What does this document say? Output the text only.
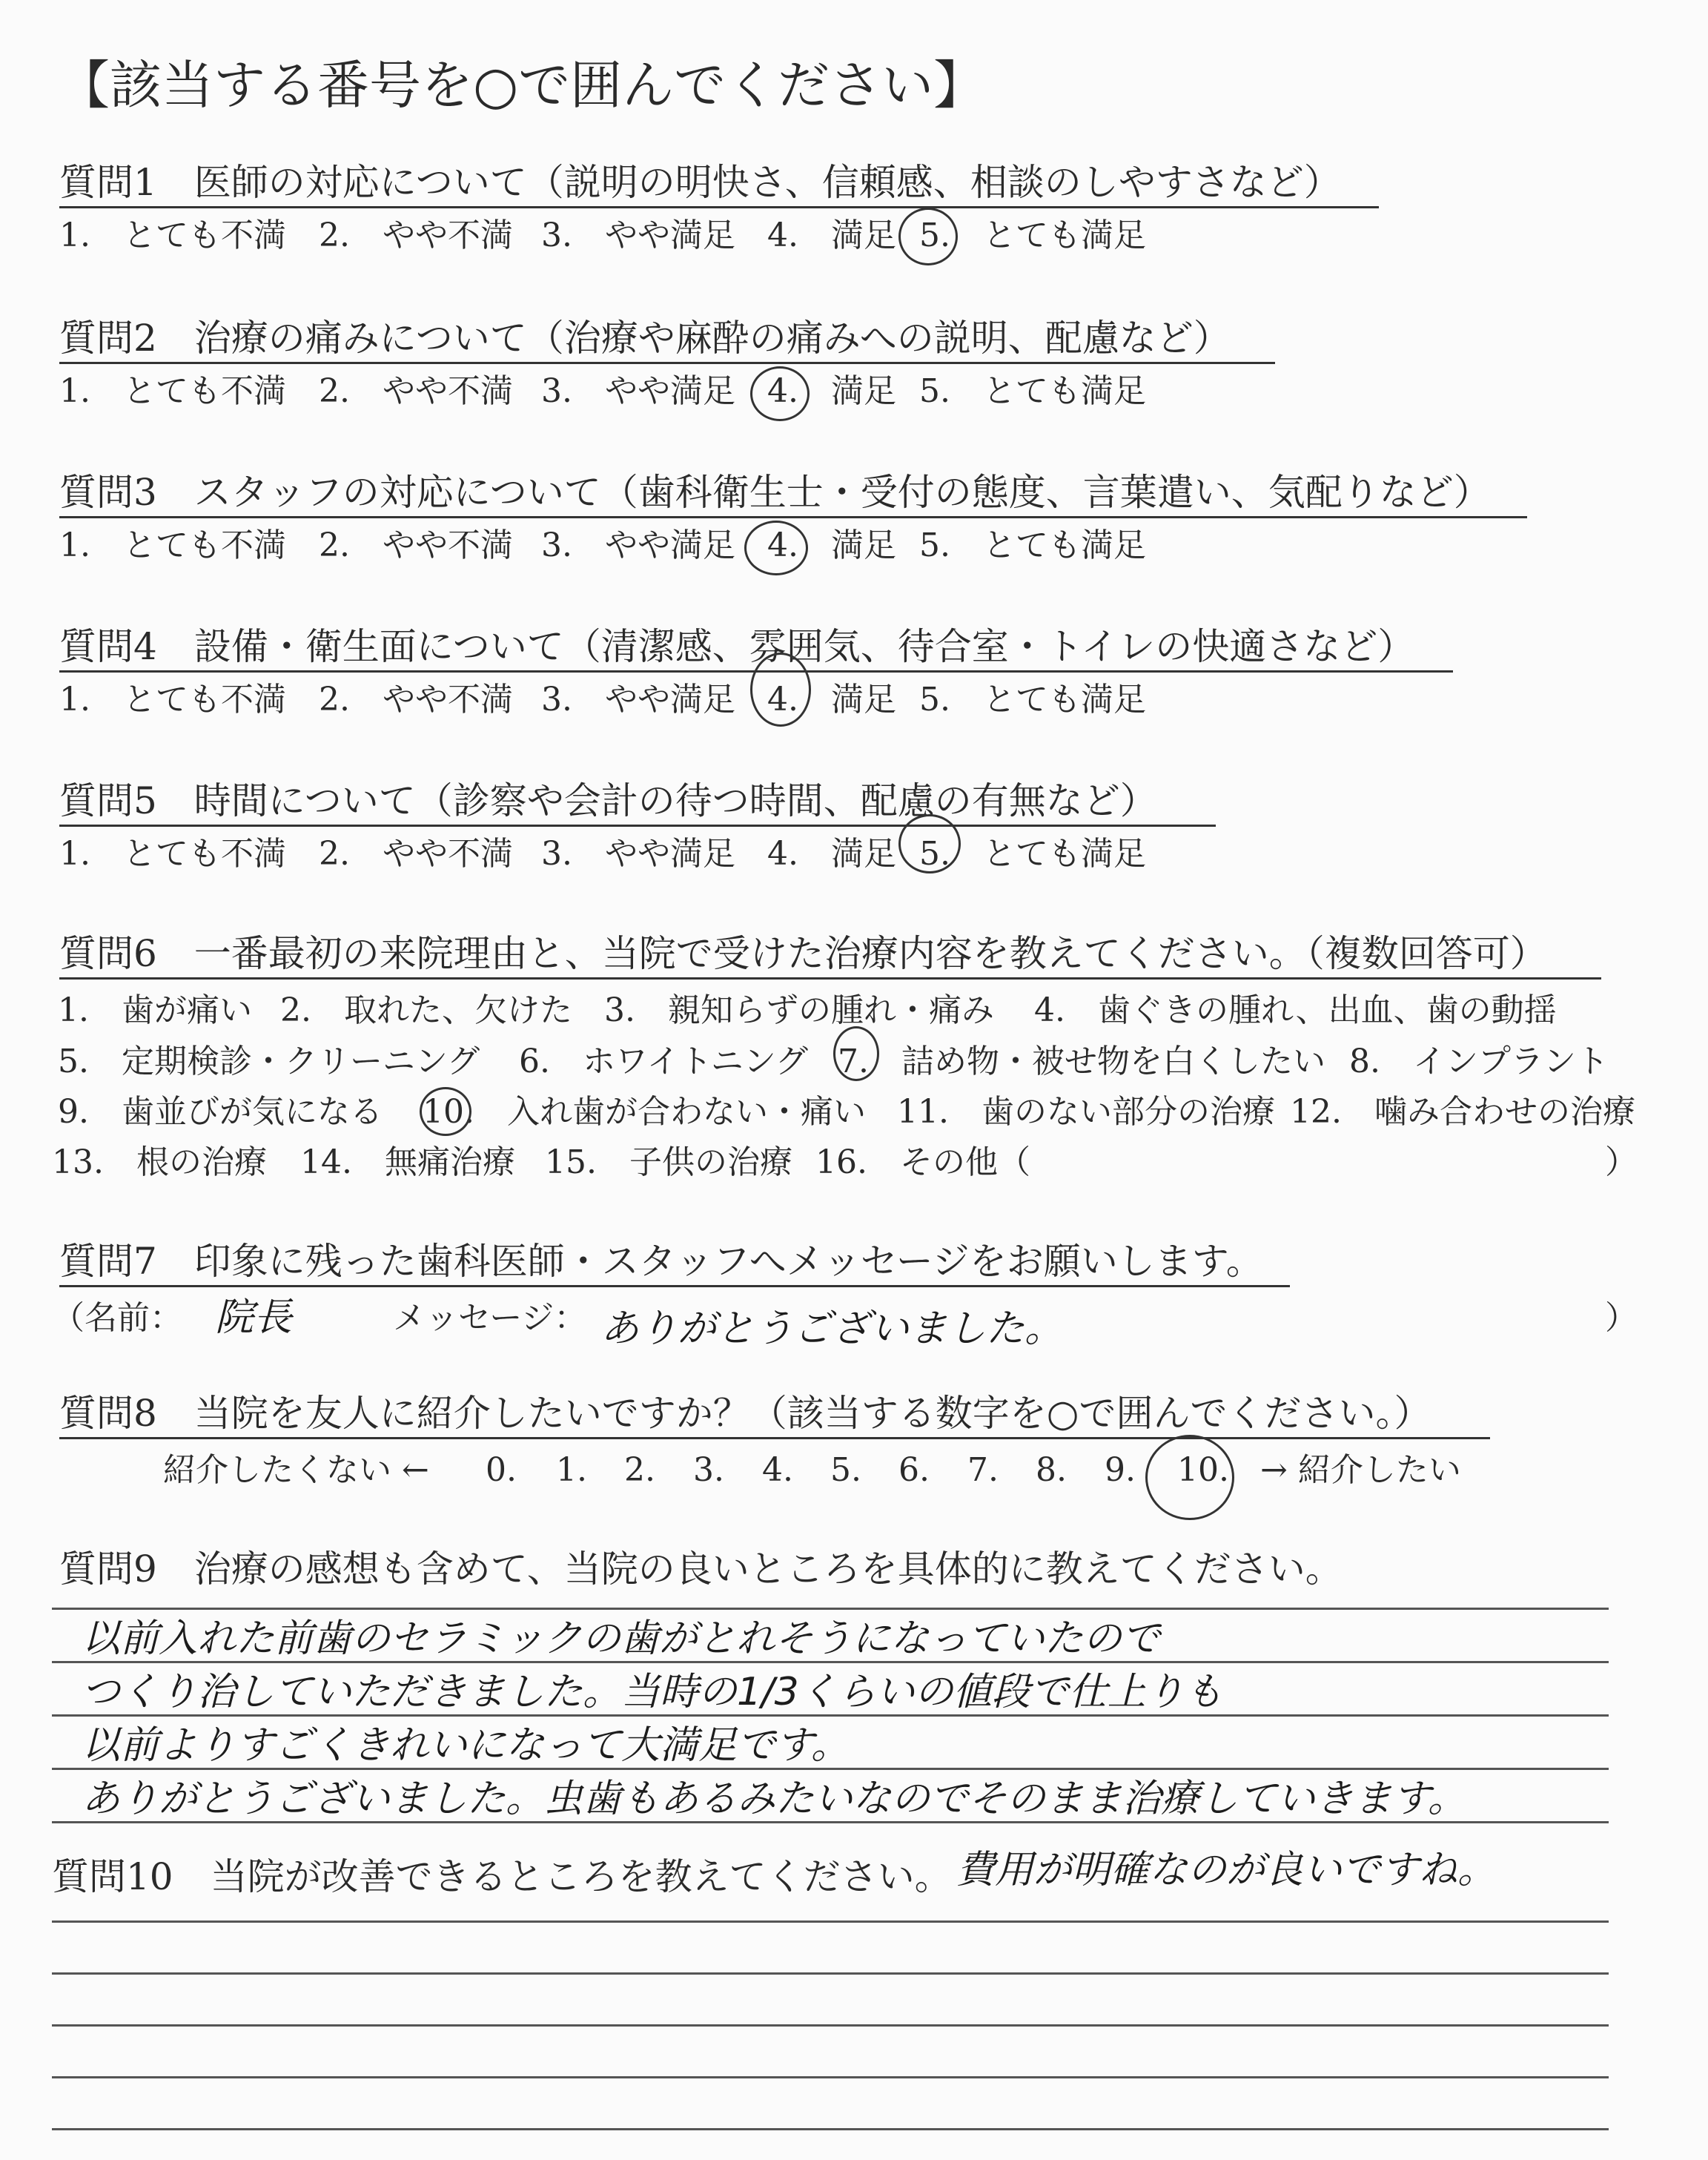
【該当する番号を○で囲んでください】
質問1　医師の対応について（説明の明快さ、信頼感、相談のしやすさなど）
1.　とても不満 2.　やや不満 3.　やや満足 4.　満足 5.　とても満足
質問2　治療の痛みについて（治療や麻酔の痛みへの説明、配慮など）
1.　とても不満 2.　やや不満 3.　やや満足 4.　満足 5.　とても満足
質問3　スタッフの対応について（歯科衛生士・受付の態度、言葉遣い、気配りなど）
1.　とても不満 2.　やや不満 3.　やや満足 4.　満足 5.　とても満足
質問4　設備・衛生面について（清潔感、雰囲気、待合室・トイレの快適さなど）
1.　とても不満 2.　やや不満 3.　やや満足 4.　満足 5.　とても満足
質問5　時間について（診察や会計の待つ時間、配慮の有無など）
1.　とても不満 2.　やや不満 3.　やや満足 4.　満足 5.　とても満足
質問6　一番最初の来院理由と、当院で受けた治療内容を教えてください。（複数回答可）
1.　歯が痛い 2.　取れた、欠けた 3.　親知らずの腫れ・痛み 4.　歯ぐきの腫れ、出血、歯の動揺
5.　定期検診・クリーニング 6.　ホワイトニング 7.　詰め物・被せ物を白くしたい 8.　インプラント
9.　歯並びが気になる 10.　入れ歯が合わない・痛い 11.　歯のない部分の治療 12.　噛み合わせの治療
13.　根の治療 14.　無痛治療 15.　子供の治療 16.　その他（	）
質問7　印象に残った歯科医師・スタッフへメッセージをお願いします。
（名前： 院長	メッセージ： ありがとうございました。	）
質問8　当院を友人に紹介したいですか？（該当する数字を○で囲んでください。）
紹介したくない ← 0. 1. 2. 3. 4. 5. 6. 7. 8. 9. 10. → 紹介したい
質問9　治療の感想も含めて、当院の良いところを具体的に教えてください。
以前入れた前歯のセラミックの歯がとれそうになっていたので
つくり治していただきました。当時の1/3くらいの値段で仕上りも
以前よりすごくきれいになって大満足です。
ありがとうございました。虫歯もあるみたいなのでそのまま治療していきます。
質問10　当院が改善できるところを教えてください。 費用が明確なのが良いですね。
